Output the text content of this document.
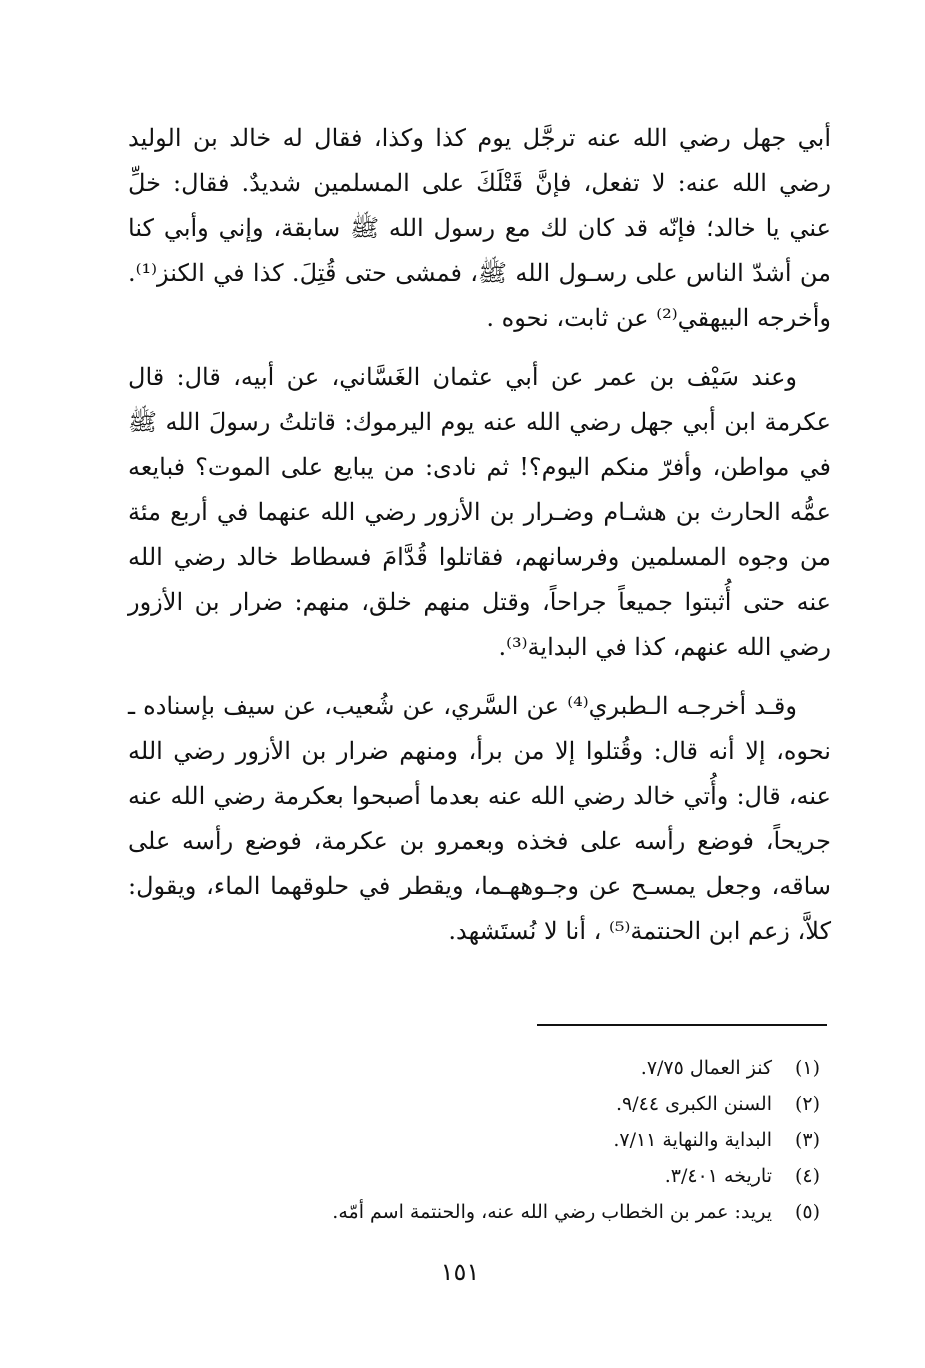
أبي جهل رضي الله عنه ترجَّل يوم كذا وكذا، فقال له خالد بن الوليد رضي الله عنه: لا تفعل، فإنَّ قَتْلَكَ على المسلمين شديدٌ. فقال: خلِّ عني يا خالد؛ فإنّه قد كان لك مع رسول الله ﷺ سابقة، وإني وأبي كنا من أشدّ الناس على رسـول الله ﷺ، فمشى حتى قُتِلَ. كذا في الكنز⁽¹⁾. وأخرجه البيهقي⁽²⁾ عن ثابت، نحوه .

وعند سَيْف بن عمر عن أبي عثمان الغَسَّاني، عن أبيه، قال: قال عكرمة ابن أبي جهل رضي الله عنه يوم اليرموك: قاتلتُ رسولَ الله ﷺ في مواطن، وأفرّ منكم اليوم؟! ثم نادى: من يبايع على الموت؟ فبايعه عمُّه الحارث بن هشـام وضـرار بن الأزور رضي الله عنهما في أربع مئة من وجوه المسلمين وفرسانهم، فقاتلوا قُدَّامَ فسطاط خالد رضي الله عنه حتى أُثبتوا جميعاً جراحاً، وقتل منهم خلق، منهم: ضرار بن الأزور رضي الله عنهم، كذا في البداية⁽³⁾.

وقـد أخرجـه الـطبري⁽⁴⁾ عن السَّري، عن شُعيب، عن سيف بإسناده ـ نحوه، إلا أنه قال: وقُتلوا إلا من برأ، ومنهم ضرار بن الأزور رضي الله عنه، قال: وأُتي خالد رضي الله عنه بعدما أصبحوا بعكرمة رضي الله عنه جريحاً، فوضع رأسه على فخذه وبعمرو بن عكرمة، فوضع رأسه على ساقه، وجعل يمسـح عن وجـوههـما، ويقطر في حلوقهما الماء، ويقول: كلاَّ، زعم ابن الحنتمة⁽⁵⁾ ، أنا لا نُستَشهد.

(١)
كنز العمال ٧/٧٥.
(٢)
السنن الكبرى ٩/٤٤.
(٣)
البداية والنهاية ٧/١١.
(٤)
تاريخه ٣/٤٠١.
(٥)
يريد: عمر بن الخطاب رضي الله عنه، والحنتمة اسم أمّه.
١٥١
